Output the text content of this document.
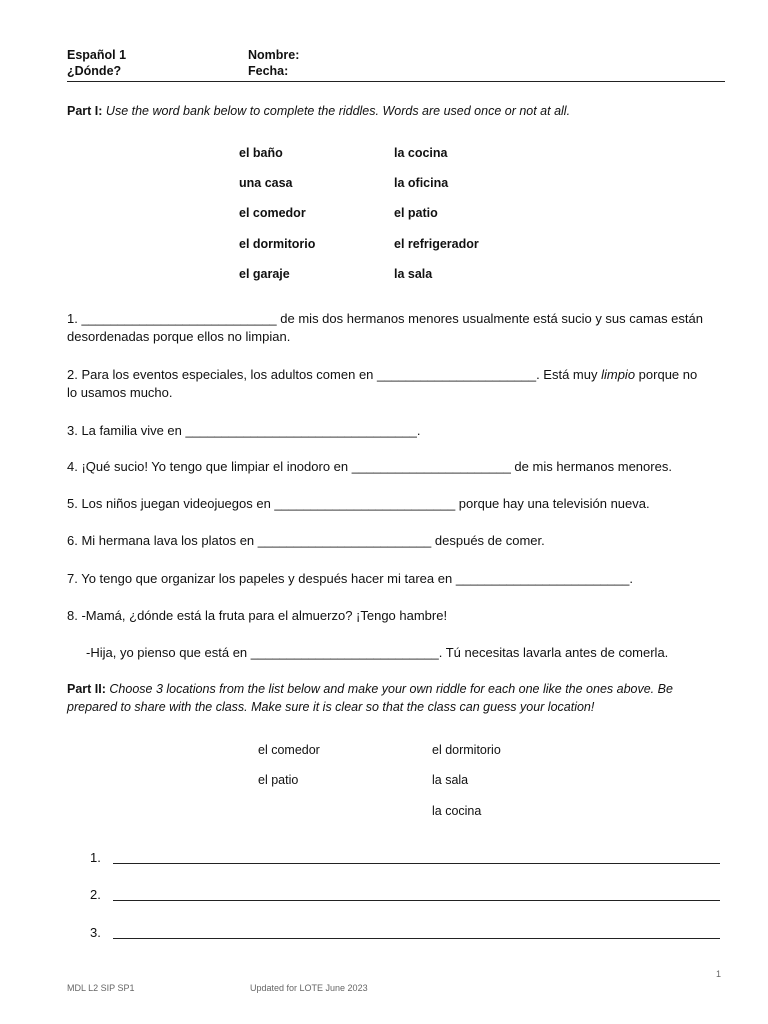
Español 1
¿Dónde?
Nombre:
Fecha:
Part I: Use the word bank below to complete the riddles. Words are used once or not at all.
el baño
una casa
el comedor
el dormitorio
el garaje
la cocina
la oficina
el patio
el refrigerador
la sala
1. ___________________________ de mis dos hermanos menores usualmente está sucio y sus camas están
desordenadas porque ellos no limpian.
2. Para los eventos especiales, los adultos comen en ______________________. Está muy limpio porque no
lo usamos mucho.
3. La familia vive en ________________________________.
4. ¡Qué sucio! Yo tengo que limpiar el inodoro en ______________________ de mis hermanos menores.
5. Los niños juegan videojuegos en _________________________ porque hay una televisión nueva.
6. Mi hermana lava los platos en ________________________ después de comer.
7. Yo tengo que organizar los papeles y después hacer mi tarea en ________________________.
8. -Mamá, ¿dónde está la fruta para el almuerzo? ¡Tengo hambre!
-Hija, yo pienso que está en __________________________. Tú necesitas lavarla antes de comerla.
Part II: Choose 3 locations from the list below and make your own riddle for each one like the ones above. Be
prepared to share with the class. Make sure it is clear so that the class can guess your location!
el comedor
el patio
el dormitorio
la sala
la cocina
1.
2.
3.
1
MDL L2 SIP SP1	Updated for LOTE June 2023
